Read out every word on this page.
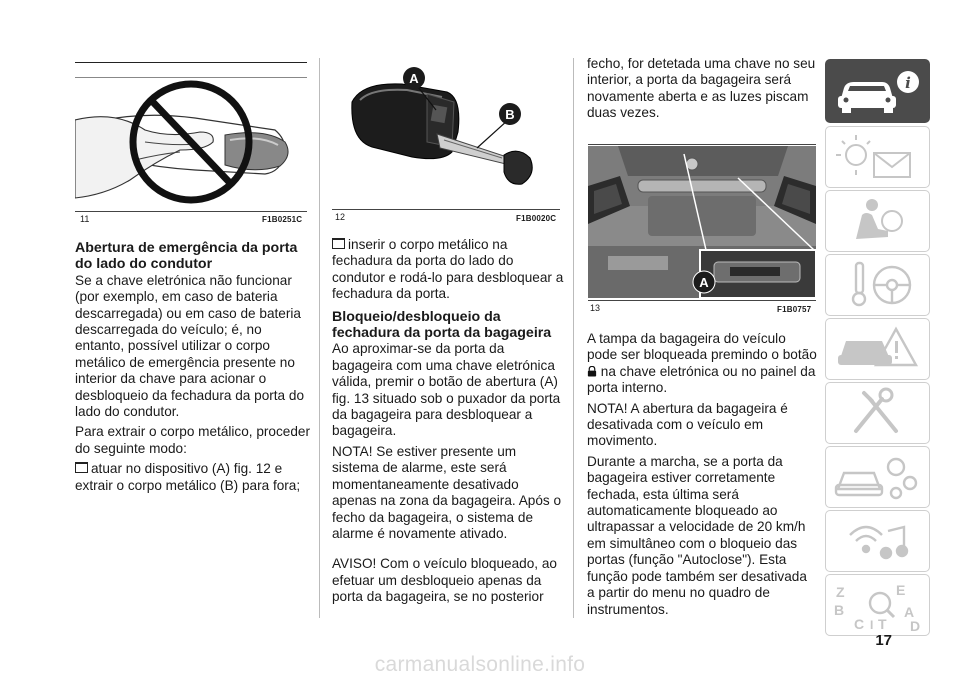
11	F1B0251C

Abertura de emergência da porta do lado do condutor

Se a chave eletrónica não funcionar (por exemplo, em caso de bateria descarregada) ou em caso de bateria descarregada do veículo; é, no entanto, possível utilizar o corpo metálico de emergência presente no interior da chave para acionar o desbloqueio da fechadura da porta do lado do condutor.

Para extrair o corpo metálico, proceder do seguinte modo:

atuar no dispositivo (A) fig. 12 e extrair o corpo metálico (B) para fora;

A
B
12	F1B0020C

inserir o corpo metálico na fechadura da porta do lado do condutor e rodá-lo para desbloquear a fechadura da porta.

Bloqueio/desbloqueio da fechadura da porta da bagageira

Ao aproximar-se da porta da bagageira com uma chave eletrónica válida, premir o botão de abertura (A) fig. 13 situado sob o puxador da porta da bagageira para desbloquear a bagageira.

NOTA! Se estiver presente um sistema de alarme, este será momentaneamente desativado apenas na zona da bagageira. Após o fecho da bagageira, o sistema de alarme é novamente ativado.

AVISO! Com o veículo bloqueado, ao efetuar um desbloqueio apenas da porta da bagageira, se no posterior

fecho, for detetada uma chave no seu interior, a porta da bagageira será novamente aberta e as luzes piscam duas vezes.

A
13	F1B0757

A tampa da bagageira do veículo pode ser bloqueada premindo o botão  na chave eletrónica ou no painel da porta interno.

NOTA! A abertura da bagageira é desativada com o veículo em movimento.

Durante a marcha, se a porta da bagageira estiver corretamente fechada, esta última será automaticamente bloqueado ao ultrapassar a velocidade de 20 km/h em simultâneo com o bloqueio das portas (função "Autoclose"). Esta função pode também ser desativada a partir do menu no quadro de instrumentos.

i
Z	E
B	A
C	D
I T
17
carmanualsonline.info
